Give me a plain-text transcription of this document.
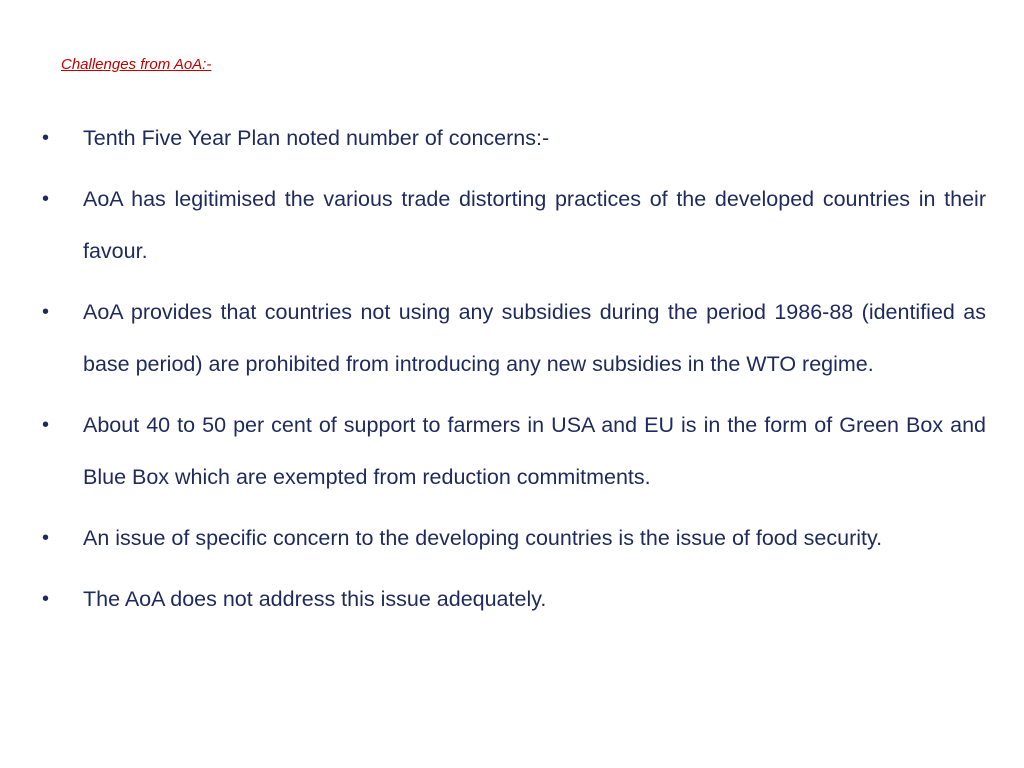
Challenges from AoA:-
• Tenth Five Year Plan noted number of concerns:-
• AoA has legitimised the various trade distorting practices of the developed countries in their favour.
• AoA provides that countries not using any subsidies during the period 1986-88 (identified as base period) are prohibited from introducing any new subsidies in the WTO regime.
• About 40 to 50 per cent of support to farmers in USA and EU is in the form of Green Box and Blue Box which are exempted from reduction commitments.
• An issue of specific concern to the developing countries is the issue of food security.
• The AoA does not address this issue adequately.
